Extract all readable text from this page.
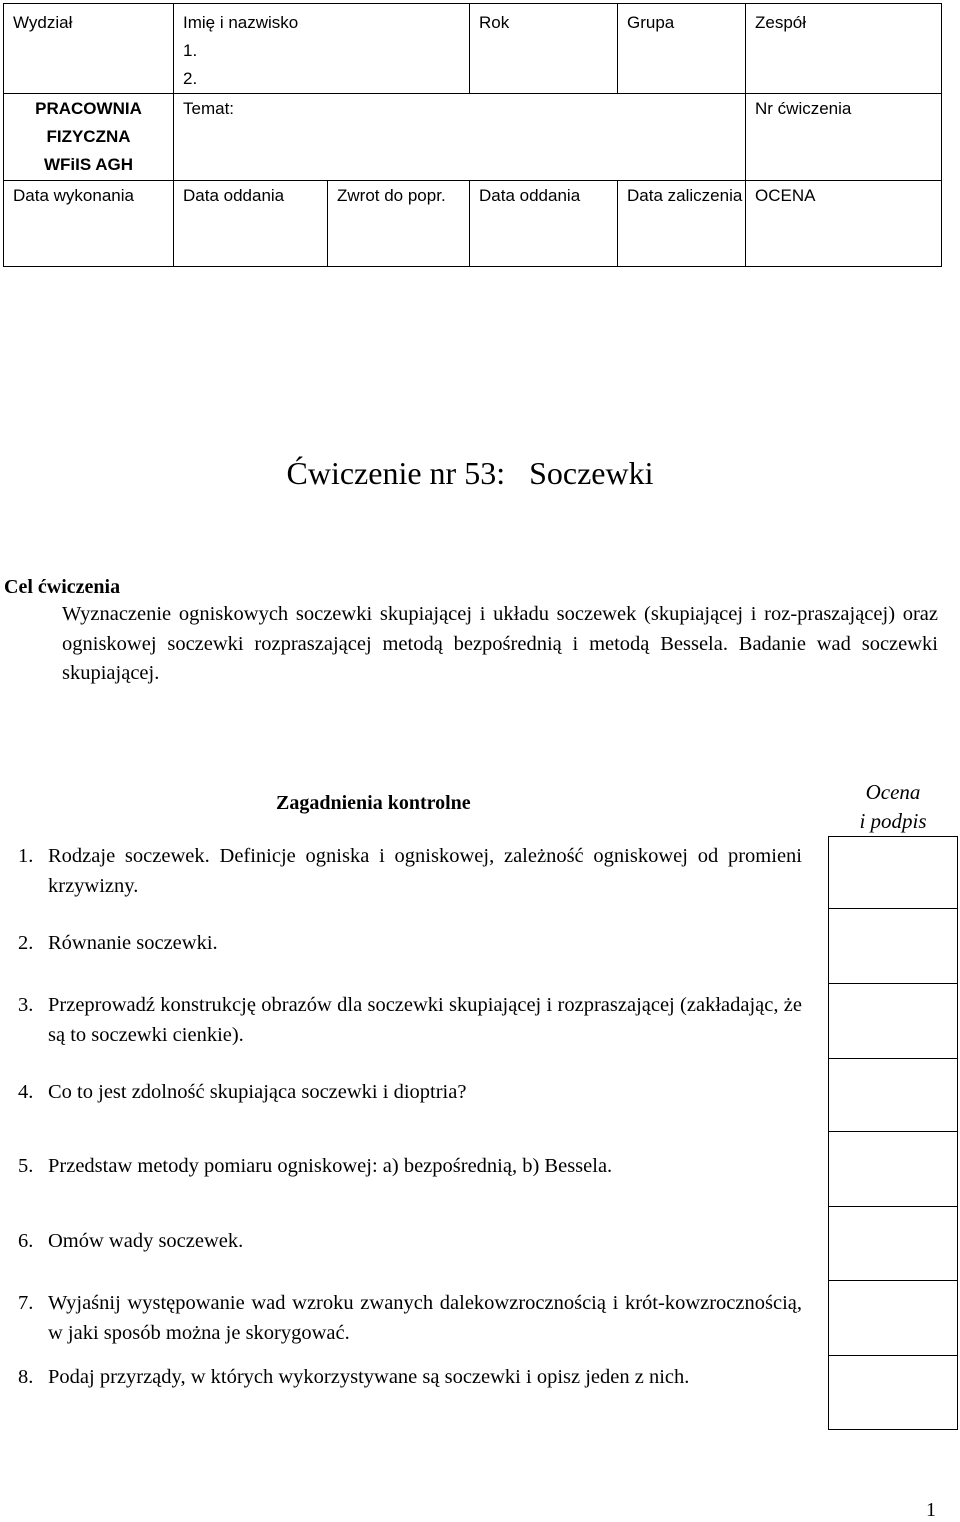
Wydział	Imię i nazwisko
1.
2.		Rok	Grupa	Zespół

PRACOWNIA
FIZYCZNA
WFiIS AGH	Temat:				Nr ćwiczenia
Data wykonania	Data oddania	Zwrot do popr.	Data oddania	Data zaliczenia	OCENA
Ćwiczenie nr 53:   Soczewki
Cel ćwiczenia
Wyznaczenie ogniskowych soczewki skupiającej i układu soczewek (skupiającej i roz-praszającej) oraz ogniskowej soczewki rozpraszającej metodą bezpośrednią i metodą Bessela. Badanie wad soczewki skupiającej.
Zagadnienia kontrolne	Ocena
i podpis
1. Rodzaje soczewek. Definicje ogniska i ogniskowej, zależność ogniskowej od promieni krzywizny.
2. Równanie soczewki.
3. Przeprowadź konstrukcję obrazów dla soczewki skupiającej i rozpraszającej (zakładając, że są to soczewki cienkie).
4. Co to jest zdolność skupiająca soczewki i dioptria?
5. Przedstaw metody pomiaru ogniskowej: a) bezpośrednią, b) Bessela.
6. Omów wady soczewek.
7. Wyjaśnij występowanie wad wzroku zwanych dalekowzrocznością i krót-kowzrocznością, w jaki sposób można je skorygować.
8. Podaj przyrządy, w których wykorzystywane są soczewki i opisz jeden z nich.
1
